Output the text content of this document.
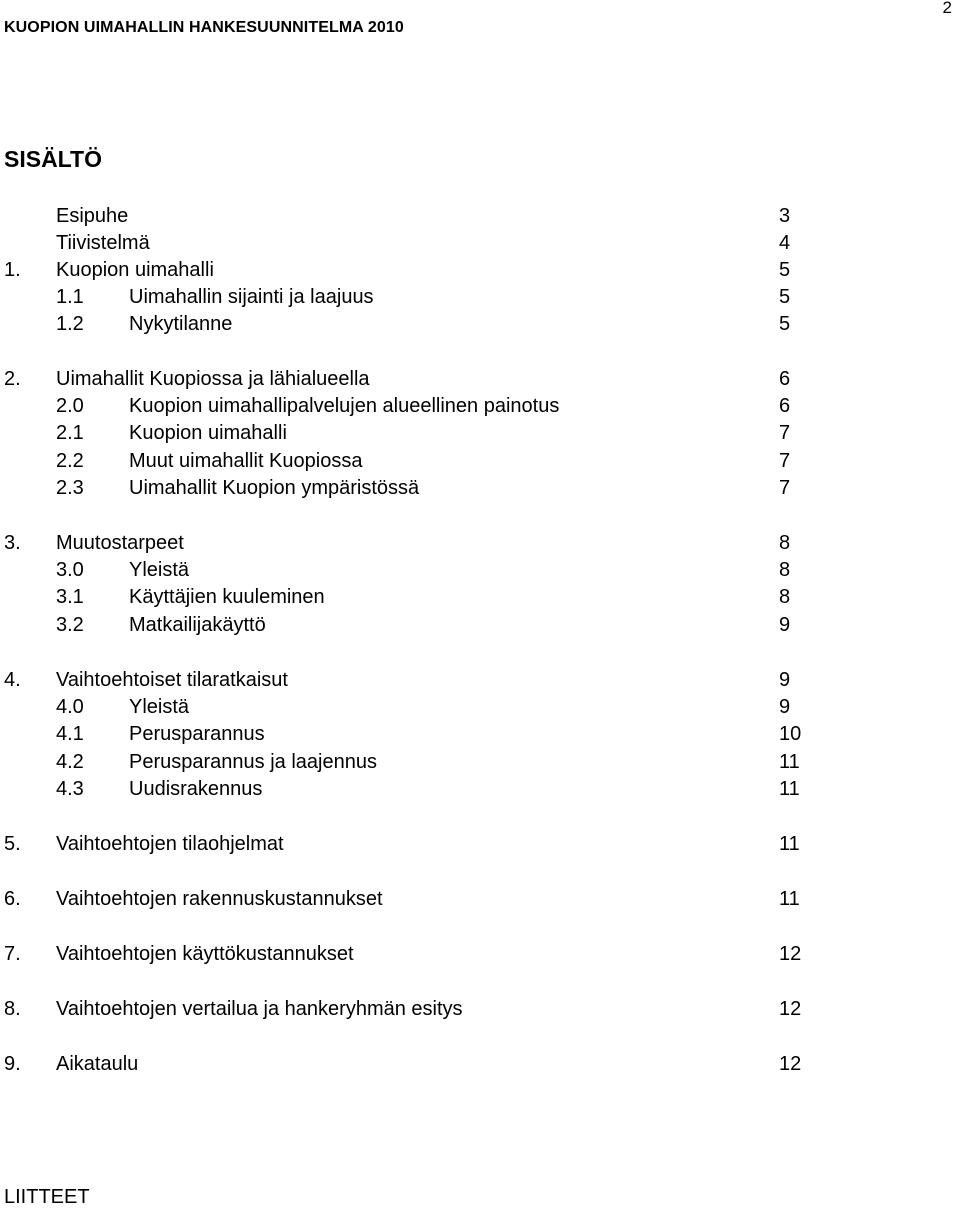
KUOPION UIMAHALLIN HANKESUUNNITELMA 2010
2
SISÄLTÖ
Esipuhe	3
Tiivistelmä	4
1. Kuopion uimahalli	5
1.1 Uimahallin sijainti ja laajuus	5
1.2 Nykytilanne	5
2. Uimahallit Kuopiossa ja lähialueella	6
2.0 Kuopion uimahallipalvelujen alueellinen painotus	6
2.1 Kuopion uimahalli	7
2.2 Muut uimahallit Kuopiossa	7
2.3 Uimahallit Kuopion ympäristössä	7
3. Muutostarpeet	8
3.0 Yleistä	8
3.1 Käyttäjien kuuleminen	8
3.2 Matkailijakäyttö	9
4. Vaihtoehtoiset tilaratkaisut	9
4.0 Yleistä	9
4.1 Perusparannus	10
4.2 Perusparannus ja laajennus	11
4.3 Uudisrakennus	11
5. Vaihtoehtojen tilaohjelmat	11
6. Vaihtoehtojen rakennuskustannukset	11
7. Vaihtoehtojen käyttökustannukset	12
8. Vaihtoehtojen vertailua ja hankeryhmän esitys	12
9. Aikataulu	12
LIITTEET
